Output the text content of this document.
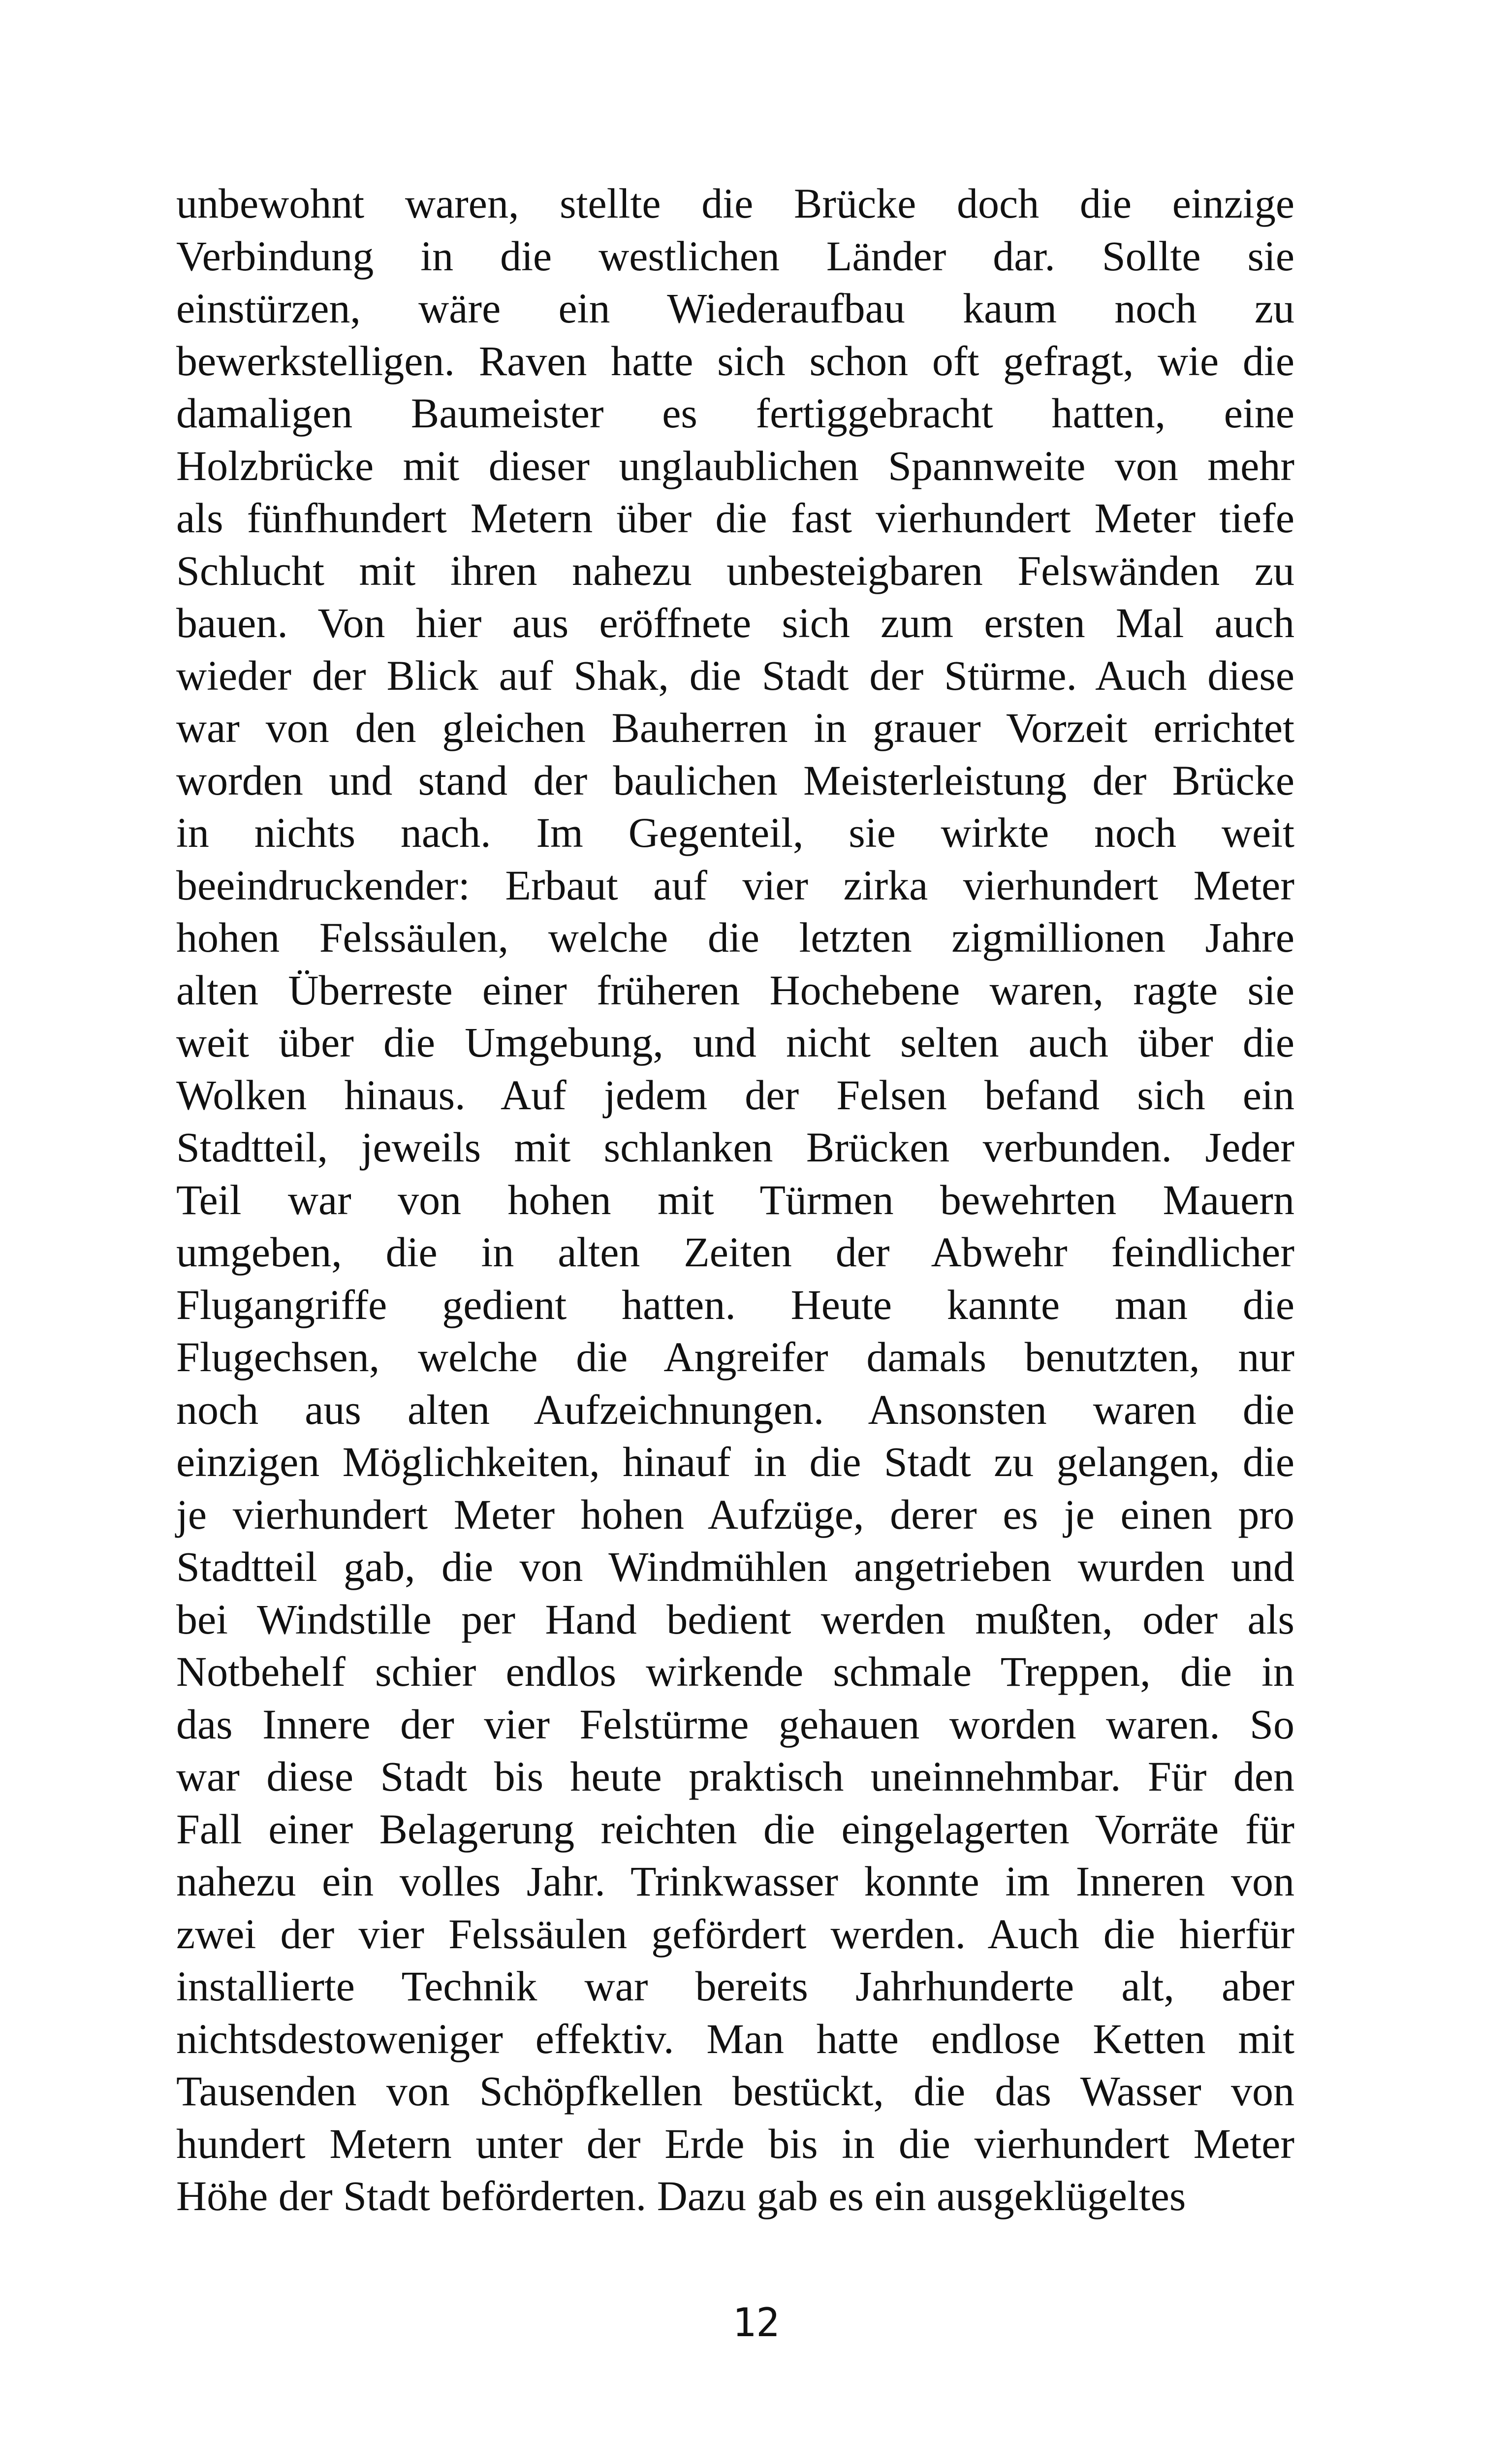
unbewohnt waren, stellte die Brücke doch die einzige
Verbindung in die westlichen Länder dar. Sollte sie
einstürzen, wäre ein Wiederaufbau kaum noch zu
bewerkstelligen. Raven hatte sich schon oft gefragt, wie die
damaligen Baumeister es fertiggebracht hatten, eine
Holzbrücke mit dieser unglaublichen Spannweite von mehr
als fünfhundert Metern über die fast vierhundert Meter tiefe
Schlucht mit ihren nahezu unbesteigbaren Felswänden zu
bauen. Von hier aus eröffnete sich zum ersten Mal auch
wieder der Blick auf Shak, die Stadt der Stürme. Auch diese
war von den gleichen Bauherren in grauer Vorzeit errichtet
worden und stand der baulichen Meisterleistung der Brücke
in nichts nach. Im Gegenteil, sie wirkte noch weit
beeindruckender: Erbaut auf vier zirka vierhundert Meter
hohen Felssäulen, welche die letzten zigmillionen Jahre
alten Überreste einer früheren Hochebene waren, ragte sie
weit über die Umgebung, und nicht selten auch über die
Wolken hinaus. Auf jedem der Felsen befand sich ein
Stadtteil, jeweils mit schlanken Brücken verbunden. Jeder
Teil war von hohen mit Türmen bewehrten Mauern
umgeben, die in alten Zeiten der Abwehr feindlicher
Flugangriffe gedient hatten. Heute kannte man die
Flugechsen, welche die Angreifer damals benutzten, nur
noch aus alten Aufzeichnungen. Ansonsten waren die
einzigen Möglichkeiten, hinauf in die Stadt zu gelangen, die
je vierhundert Meter hohen Aufzüge, derer es je einen pro
Stadtteil gab, die von Windmühlen angetrieben wurden und
bei Windstille per Hand bedient werden mußten, oder als
Notbehelf schier endlos wirkende schmale Treppen, die in
das Innere der vier Felstürme gehauen worden waren. So
war diese Stadt bis heute praktisch uneinnehmbar. Für den
Fall einer Belagerung reichten die eingelagerten Vorräte für
nahezu ein volles Jahr. Trinkwasser konnte im Inneren von
zwei der vier Felssäulen gefördert werden. Auch die hierfür
installierte Technik war bereits Jahrhunderte alt, aber
nichtsdestoweniger effektiv. Man hatte endlose Ketten mit
Tausenden von Schöpfkellen bestückt, die das Wasser von
hundert Metern unter der Erde bis in die vierhundert Meter
Höhe der Stadt beförderten. Dazu gab es ein ausgeklügeltes
12
